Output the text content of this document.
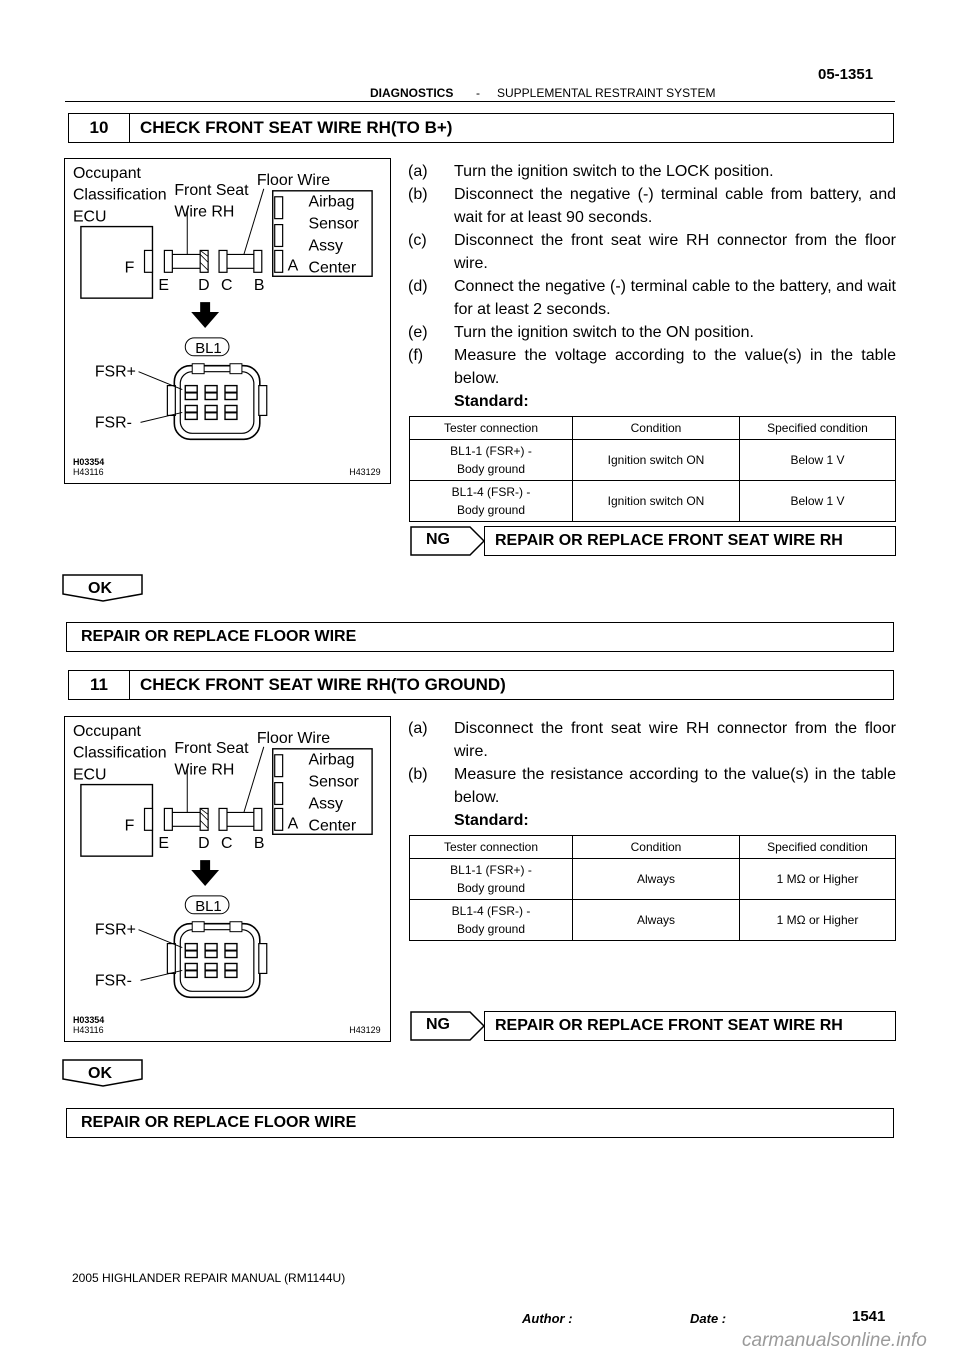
05-1351
DIAGNOSTICS - SUPPLEMENTAL RESTRAINT SYSTEM
10	CHECK FRONT SEAT WIRE RH(TO B+)
Occupant
Classification
ECU
Front Seat
Wire RH
Floor Wire
F
Airbag
Sensor
Assy
Center
A
E D C B
BL1
FSR+
FSR-
H03354
H43116	H43129
(a)	Turn the ignition switch to the LOCK position.
(b)	Disconnect the negative (-) terminal cable from battery, and wait for at least 90 seconds.
(c)	Disconnect the front seat wire RH connector from the floor wire.
(d)	Connect the negative (-) terminal cable to the battery, and wait for at least 2 seconds.
(e)	Turn the ignition switch to the ON position.
(f)	Measure the voltage according to the value(s) in the table below.
Standard:
Tester connection	Condition	Specified condition

BL1-1 (FSR+) -
Body ground	Ignition switch ON	Below 1 V

BL1-4 (FSR-) -
Body ground	Ignition switch ON	Below 1 V
NG	REPAIR OR REPLACE FRONT SEAT WIRE RH
OK
REPAIR OR REPLACE FLOOR WIRE
11	CHECK FRONT SEAT WIRE RH(TO GROUND)
Occupant
Classification
ECU
Front Seat
Wire RH
Floor Wire
F
Airbag
Sensor
Assy
Center
A
E D C B
BL1
FSR+
FSR-
H03354
H43116	H43129
(a)	Disconnect the front seat wire RH connector from the floor wire.
(b)	Measure the resistance according to the value(s) in the table below.
Standard:
Tester connection	Condition	Specified condition

BL1-1 (FSR+) -
Body ground	Always	1 MΩ or Higher

BL1-4 (FSR-) -
Body ground	Always	1 MΩ or Higher
NG	REPAIR OR REPLACE FRONT SEAT WIRE RH
OK
REPAIR OR REPLACE FLOOR WIRE
2005 HIGHLANDER REPAIR MANUAL (RM1144U)
Author :	Date :	1541
carmanualsonline.info
